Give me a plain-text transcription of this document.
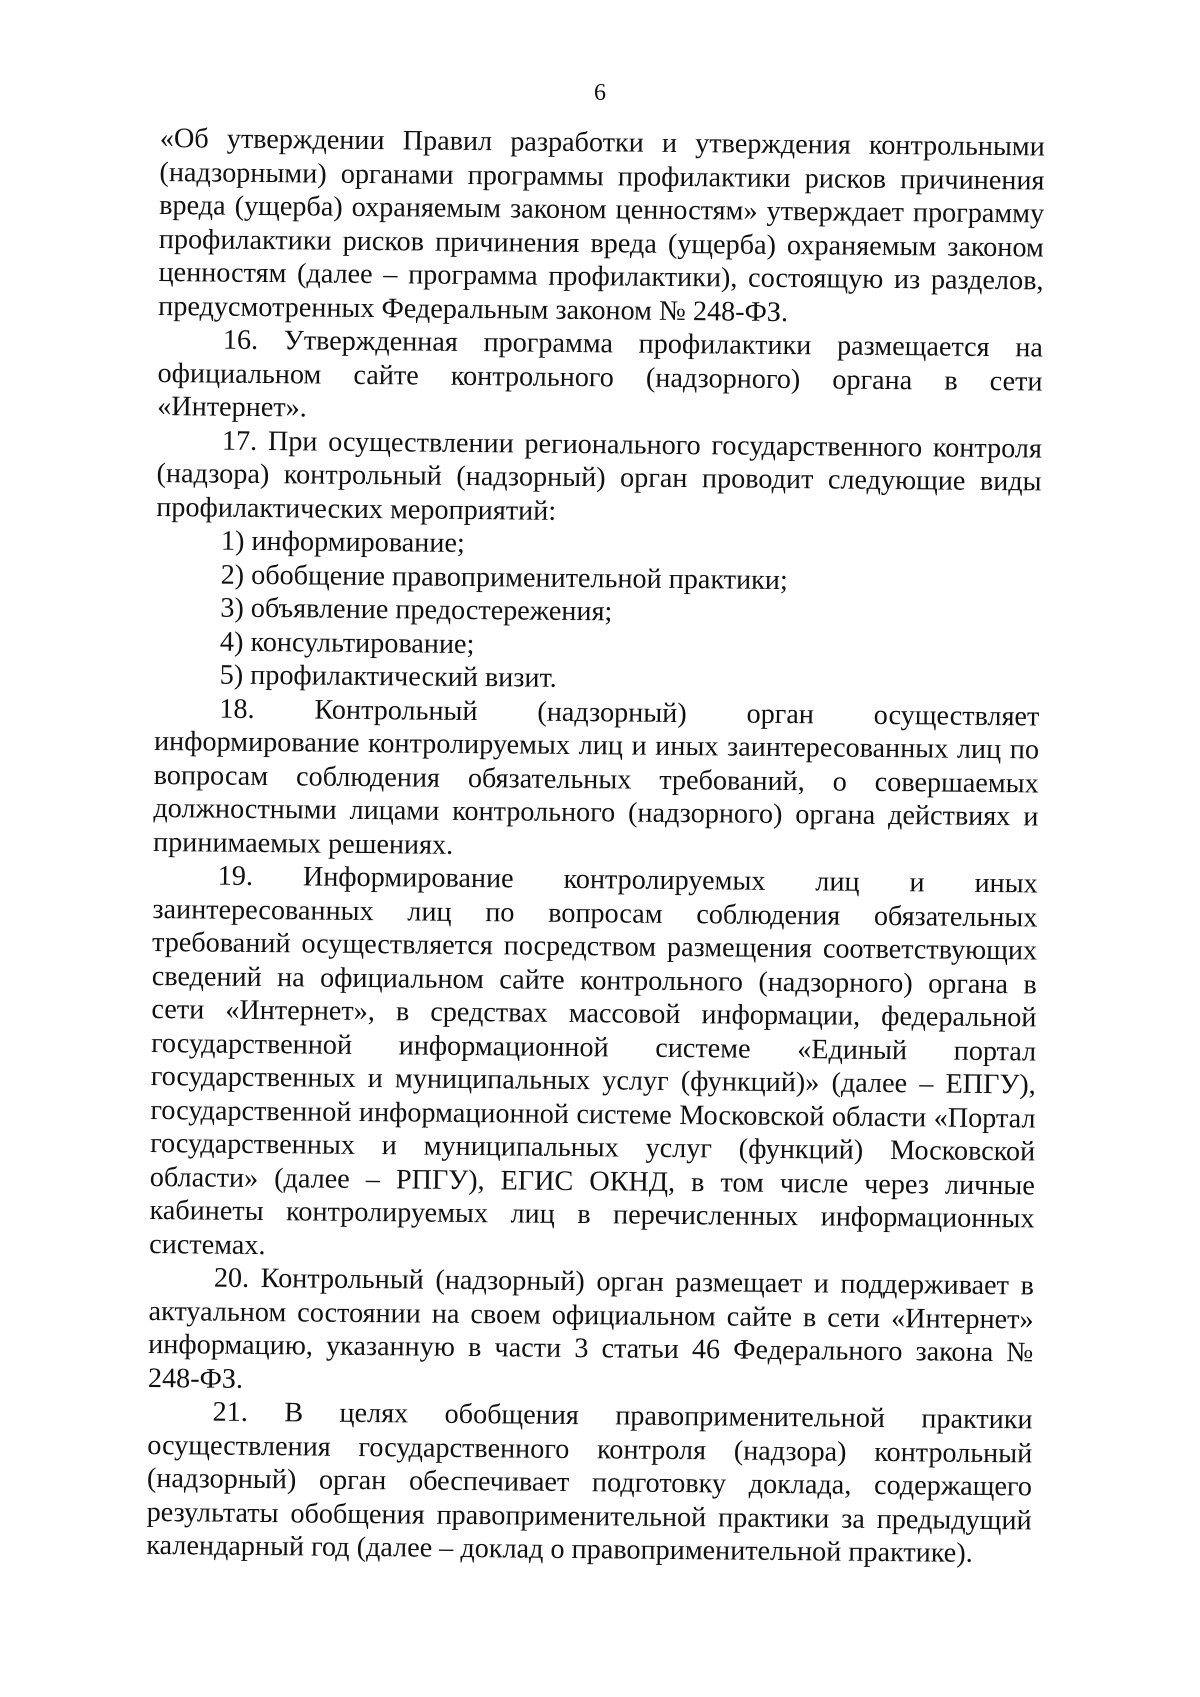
6

«Об утверждении Правил разработки и утверждения контрольными (надзорными) органами программы профилактики рисков причинения вреда (ущерба) охраняемым законом ценностям» утверждает программу профилактики рисков причинения вреда (ущерба) охраняемым законом ценностям (далее – программа профилактики), состоящую из разделов, предусмотренных Федеральным законом № 248-ФЗ.

16. Утвержденная программа профилактики размещается на официальном сайте контрольного (надзорного) органа в сети «Интернет».

17. При осуществлении регионального государственного контроля (надзора) контрольный (надзорный) орган проводит следующие виды профилактических мероприятий:

1) информирование;

2) обобщение правоприменительной практики;

3) объявление предостережения;

4) консультирование;

5) профилактический визит.

18. Контрольный (надзорный) орган осуществляет информирование контролируемых лиц и иных заинтересованных лиц по вопросам соблюдения обязательных требований, о совершаемых должностными лицами контрольного (надзорного) органа действиях и принимаемых решениях.

19. Информирование контролируемых лиц и иных заинтересованных лиц по вопросам соблюдения обязательных требований осуществляется посредством размещения соответствующих сведений на официальном сайте контрольного (надзорного) органа в сети «Интернет», в средствах массовой информации, федеральной государственной информационной системе «Единый портал государственных и муниципальных услуг (функций)» (далее – ЕПГУ), государственной информационной системе Московской области «Портал государственных и муниципальных услуг (функций) Московской области» (далее – РПГУ), ЕГИС ОКНД, в том числе через личные кабинеты контролируемых лиц в перечисленных информационных системах.

20. Контрольный (надзорный) орган размещает и поддерживает в актуальном состоянии на своем официальном сайте в сети «Интернет» информацию, указанную в части 3 статьи 46 Федерального закона № 248-ФЗ.

21. В целях обобщения правоприменительной практики осуществления государственного контроля (надзора) контрольный (надзорный) орган обеспечивает подготовку доклада, содержащего результаты обобщения правоприменительной практики за предыдущий календарный год (далее – доклад о правоприменительной практике).
